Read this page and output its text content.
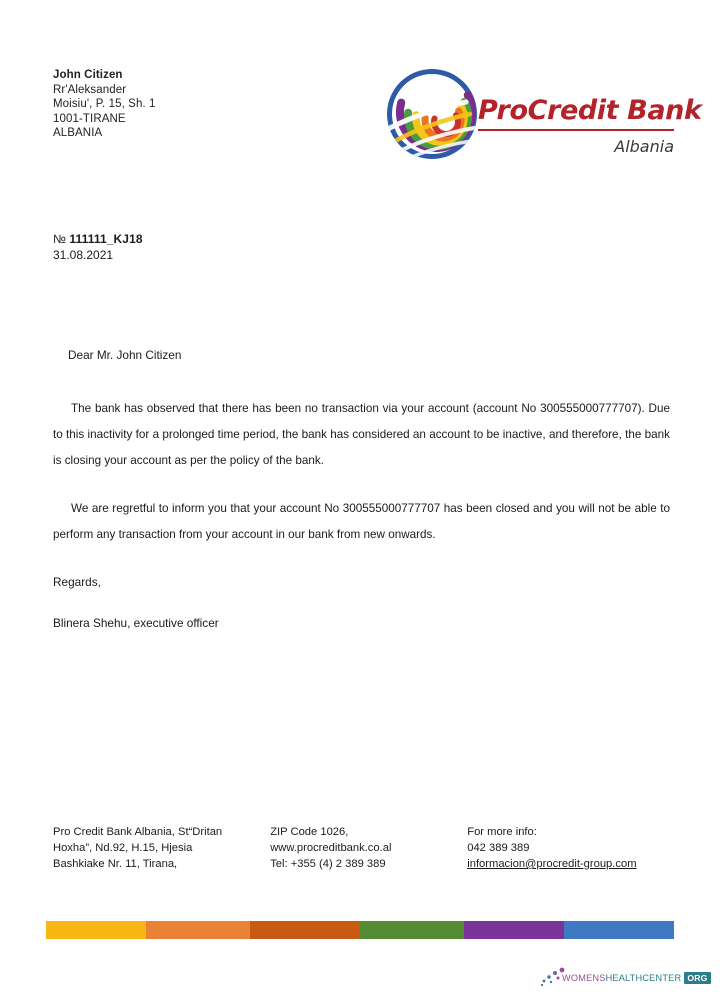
John Citizen
Rr'Aleksander
Moisiu', P. 15, Sh. 1
1001-TIRANE
ALBANIA
ProCredit Bank
Albania
№ 111111_KJ18
31.08.2021
Dear Mr. John Citizen

The bank has observed that there has been no transaction via your account (account No 300555000777707). Due to this inactivity for a prolonged time period, the bank has considered an account to be inactive, and therefore, the bank is closing your account as per the policy of the bank.

We are regretful to inform you that your account No 300555000777707 has been closed and you will not be able to perform any transaction from your account in our bank from new onwards.

Regards,
Blinera Shehu, executive officer
Pro Credit Bank Albania, St“Dritan
Hoxha”, Nd.92, H.15, Hjesia
Bashkiake Nr. 11, Tirana,
ZIP Code 1026,
www.procreditbank.co.al
Tel: +355 (4) 2 389 389
For more info:
042 389 389
informacion@procredit-group.com
WOMENSHEALTHCENTER ORG
